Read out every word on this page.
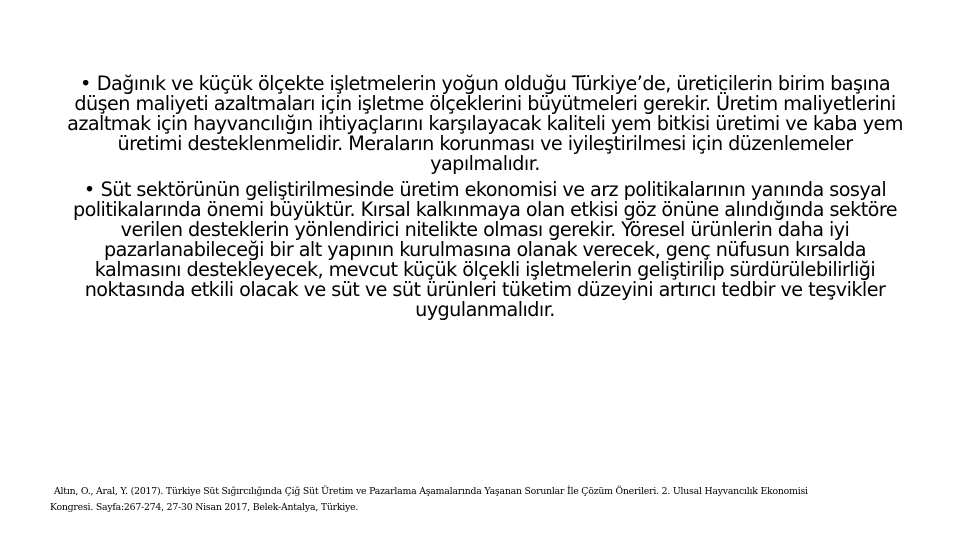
• Dağınık ve küçük ölçekte işletmelerin yoğun olduğu Türkiye’de, üreticilerin birim başına düşen maliyeti azaltmaları için işletme ölçeklerini büyütmeleri gerekir. Üretim maliyetlerini azaltmak için hayvancılığın ihtiyaçlarını karşılayacak kaliteli yem bitkisi üretimi ve kaba yem üretimi desteklenmelidir. Meraların korunması ve iyileştirilmesi için düzenlemeler yapılmalıdır.

• Süt sektörünün geliştirilmesinde üretim ekonomisi ve arz politikalarının yanında sosyal politikalarında önemi büyüktür. Kırsal kalkınmaya olan etkisi göz önüne alındığında sektöre verilen desteklerin yönlendirici nitelikte olması gerekir. Yöresel ürünlerin daha iyi pazarlanabileceği bir alt yapının kurulmasına olanak verecek, genç nüfusun kırsalda kalmasını destekleyecek, mevcut küçük ölçekli işletmelerin geliştirilip sürdürülebilirliği noktasında etkili olacak ve süt ve süt ürünleri tüketim düzeyini artırıcı tedbir ve teşvikler uygulanmalıdır.

Altın, O., Aral, Y. (2017). Türkiye Süt Sığırcılığında Çiğ Süt Üretim ve Pazarlama Aşamalarında Yaşanan Sorunlar İle Çözüm Önerileri. 2. Ulusal Hayvancılık Ekonomisi
Kongresi. Sayfa:267-274, 27-30 Nisan 2017, Belek-Antalya, Türkiye.
